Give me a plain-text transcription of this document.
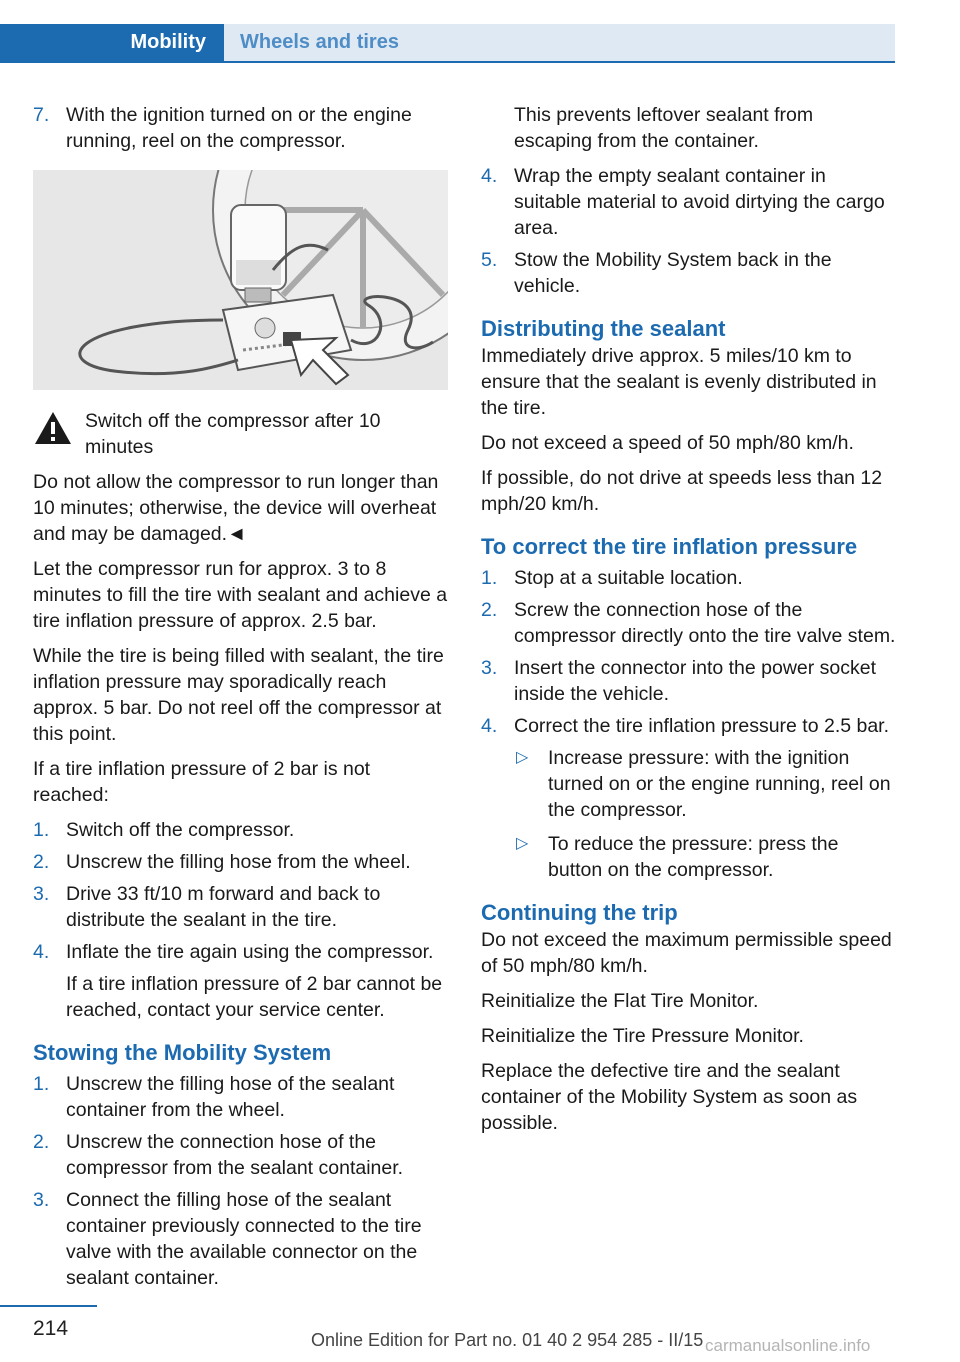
Mobility	Wheels and tires
7. With the ignition turned on or the engine running, reel on the compressor.
Switch off the compressor after 10 minutes

Do not allow the compressor to run longer than 10 minutes; otherwise, the device will overheat and may be damaged.◄

Let the compressor run for approx. 3 to 8 minutes to fill the tire with sealant and achieve a tire inflation pressure of approx. 2.5 bar.

While the tire is being filled with sealant, the tire inflation pressure may sporadically reach approx. 5 bar. Do not reel off the compressor at this point.

If a tire inflation pressure of 2 bar is not reached:

1. Switch off the compressor.
2. Unscrew the filling hose from the wheel.
3. Drive 33 ft/10 m forward and back to distribute the sealant in the tire.
4. Inflate the tire again using the compressor.
If a tire inflation pressure of 2 bar cannot be reached, contact your service center.
Stowing the Mobility System
1. Unscrew the filling hose of the sealant container from the wheel.
2. Unscrew the connection hose of the compressor from the sealant container.
3. Connect the filling hose of the sealant container previously connected to the tire valve with the available connector on the sealant container.

This prevents leftover sealant from escaping from the container.

4. Wrap the empty sealant container in suitable material to avoid dirtying the cargo area.
5. Stow the Mobility System back in the vehicle.
Distributing the sealant

Immediately drive approx. 5 miles/10 km to ensure that the sealant is evenly distributed in the tire.

Do not exceed a speed of 50 mph/80 km/h.

If possible, do not drive at speeds less than 12 mph/20 km/h.

To correct the tire inflation pressure
1. Stop at a suitable location.
2. Screw the connection hose of the compressor directly onto the tire valve stem.
3. Insert the connector into the power socket inside the vehicle.
4. Correct the tire inflation pressure to 2.5 bar.
▷ Increase pressure: with the ignition turned on or the engine running, reel on the compressor.
▷ To reduce the pressure: press the button on the compressor.
Continuing the trip

Do not exceed the maximum permissible speed of 50 mph/80 km/h.

Reinitialize the Flat Tire Monitor.

Reinitialize the Tire Pressure Monitor.

Replace the defective tire and the sealant container of the Mobility System as soon as possible.

214	Online Edition for Part no. 01 40 2 954 285 - II/15 carmanualsonline.info
